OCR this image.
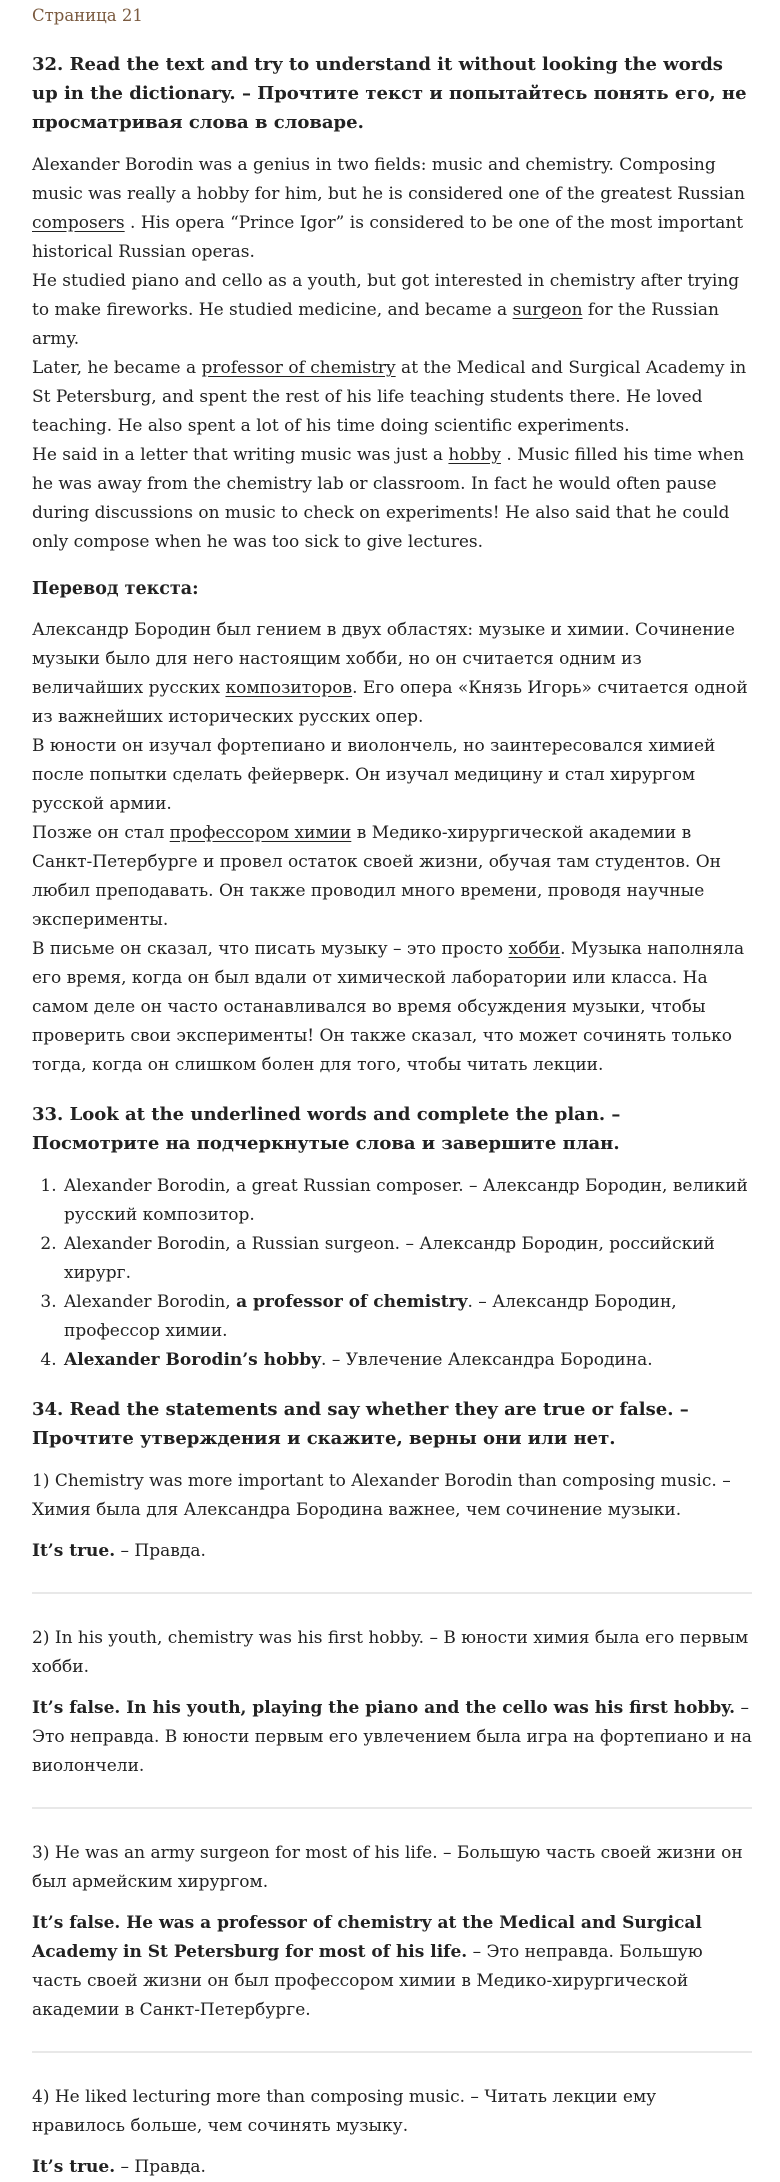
Страница 21
32. Read the text and try to understand it without looking the words up in the dictionary. – Прочтите текст и попытайтесь понять его, не просматривая слова в словаре.
Alexander Borodin was a genius in two fields: music and chemistry. Composing music was really a hobby for him, but he is considered one of the greatest Russian composers . His opera “Prince Igor” is considered to be one of the most important historical Russian operas.
He studied piano and cello as a youth, but got interested in chemistry after trying to make fireworks. He studied medicine, and became a surgeon for the Russian army.
Later, he became a professor of chemistry at the Medical and Surgical Academy in St Petersburg, and spent the rest of his life teaching students there. He loved teaching. He also spent a lot of his time doing scientific experiments.
He said in a letter that writing music was just a hobby . Music filled his time when he was away from the chemistry lab or classroom. In fact he would often pause during discussions on music to check on experiments! He also said that he could only compose when he was too sick to give lectures.
Перевод текста:
Александр Бородин был гением в двух областях: музыке и химии. Сочинение музыки было для него настоящим хобби, но он считается одним из величайших русских композиторов. Его опера «Князь Игорь» считается одной из важнейших исторических русских опер.
В юности он изучал фортепиано и виолончель, но заинтересовался химией после попытки сделать фейерверк. Он изучал медицину и стал хирургом русской армии.
Позже он стал профессором химии в Медико-хирургической академии в Санкт-Петербурге и провел остаток своей жизни, обучая там студентов. Он любил преподавать. Он также проводил много времени, проводя научные эксперименты.
В письме он сказал, что писать музыку – это просто хобби. Музыка наполняла его время, когда он был вдали от химической лаборатории или класса. На самом деле он часто останавливался во время обсуждения музыки, чтобы проверить свои эксперименты! Он также сказал, что может сочинять только тогда, когда он слишком болен для того, чтобы читать лекции.
33. Look at the underlined words and complete the plan. – Посмотрите на подчеркнутые слова и завершите план.
1. Alexander Borodin, a great Russian composer. – Александр Бородин, великий русский композитор.
2. Alexander Borodin, a Russian surgeon. – Александр Бородин, российский хирург.
3. Alexander Borodin, a professor of chemistry. – Александр Бородин, профессор химии.
4. Alexander Borodin’s hobby. – Увлечение Александра Бородина.
34. Read the statements and say whether they are true or false. – Прочтите утверждения и скажите, верны они или нет.
1) Chemistry was more important to Alexander Borodin than composing music. – Химия была для Александра Бородина важнее, чем сочинение музыки.
It’s true. – Правда.
2) In his youth, chemistry was his first hobby. – В юности химия была его первым хобби.
It’s false. In his youth, playing the piano and the cello was his first hobby. – Это неправда. В юности первым его увлечением была игра на фортепиано и на виолончели.
3) He was an army surgeon for most of his life. – Большую часть своей жизни он был армейским хирургом.
It’s false. He was a professor of chemistry at the Medical and Surgical Academy in St Petersburg for most of his life. – Это неправда. Большую часть своей жизни он был профессором химии в Медико-хирургической академии в Санкт-Петербурге.
4) He liked lecturing more than composing music. – Читать лекции ему нравилось больше, чем сочинять музыку.
It’s true. – Правда.
